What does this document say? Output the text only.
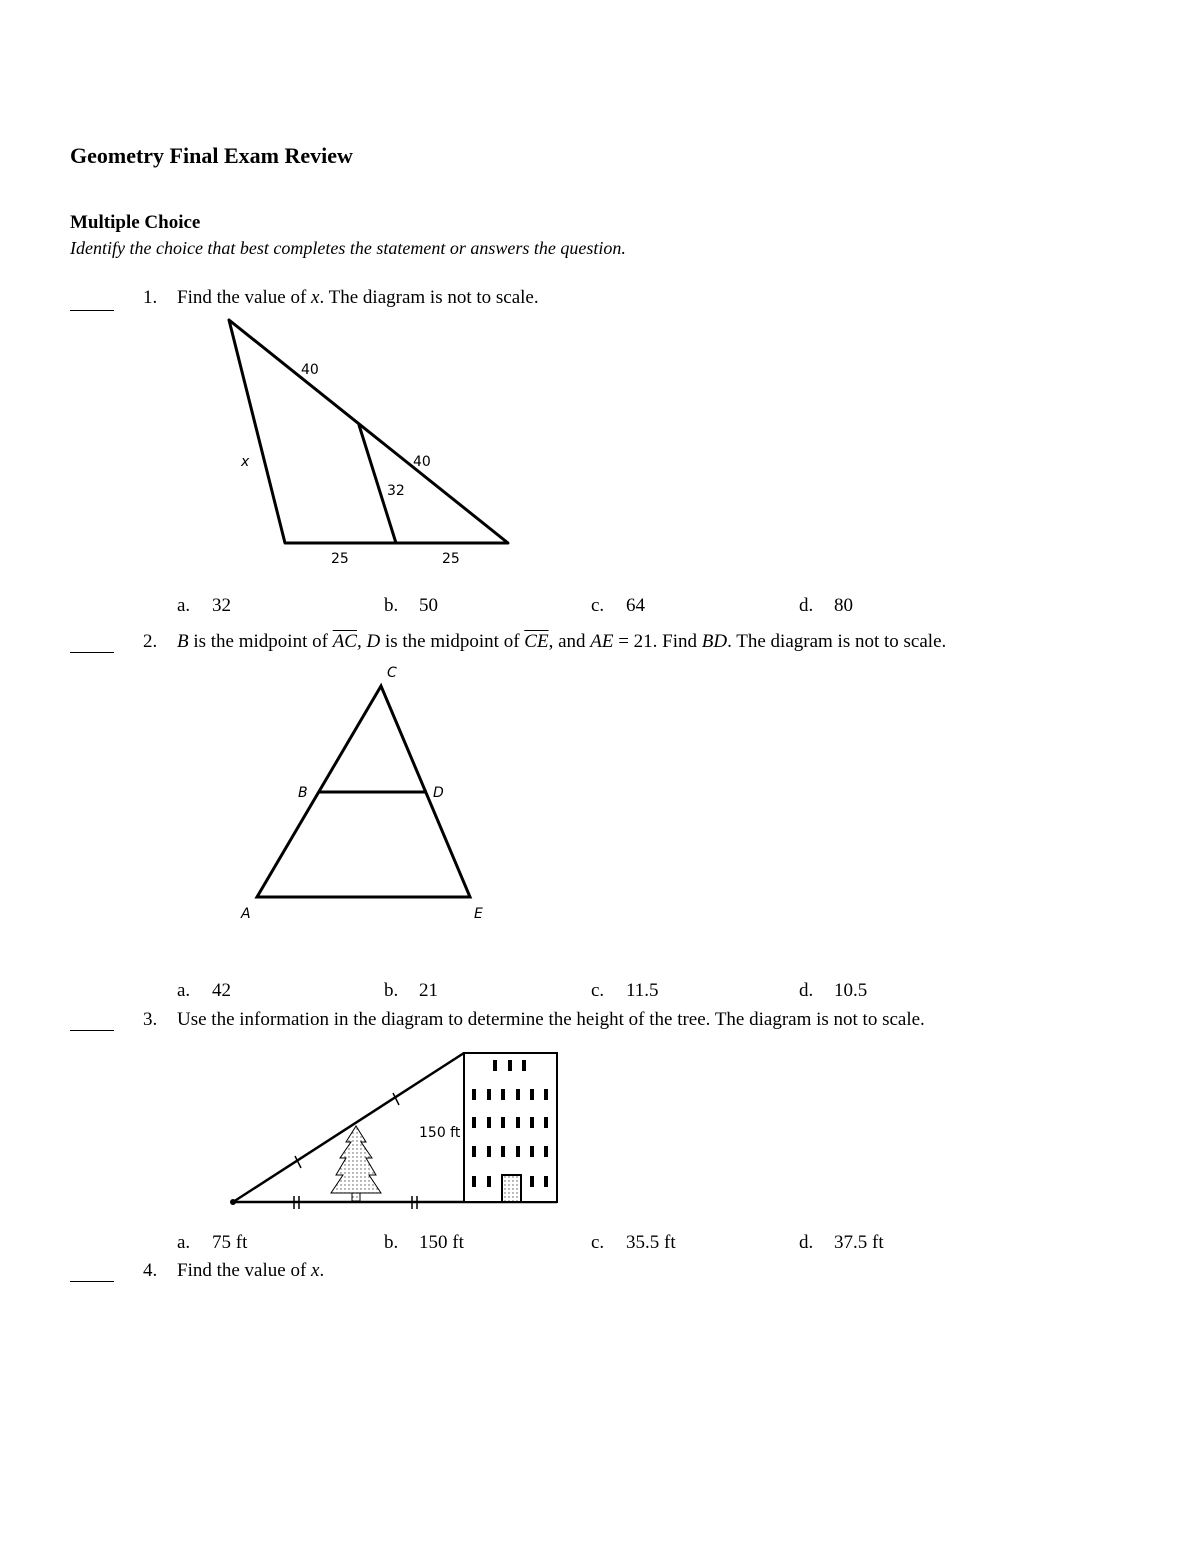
Geometry Final Exam Review
Multiple Choice
Identify the choice that best completes the statement or answers the question.
1. Find the value of x. The diagram is not to scale.
x
40
40
32
25	25
a. 32	b. 50	c. 64	d. 80
2. B is the midpoint of $\overline{AC}$, D is the midpoint of $\overline{CE}$, and AE = 21. Find BD. The diagram is not to scale.
C
B	D
A	E
a. 42	b. 21	c. 11.5	d. 10.5
3. Use the information in the diagram to determine the height of the tree. The diagram is not to scale.
150 ft
a. 75 ft	b. 150 ft	c. 35.5 ft	d. 37.5 ft
4. Find the value of x.
